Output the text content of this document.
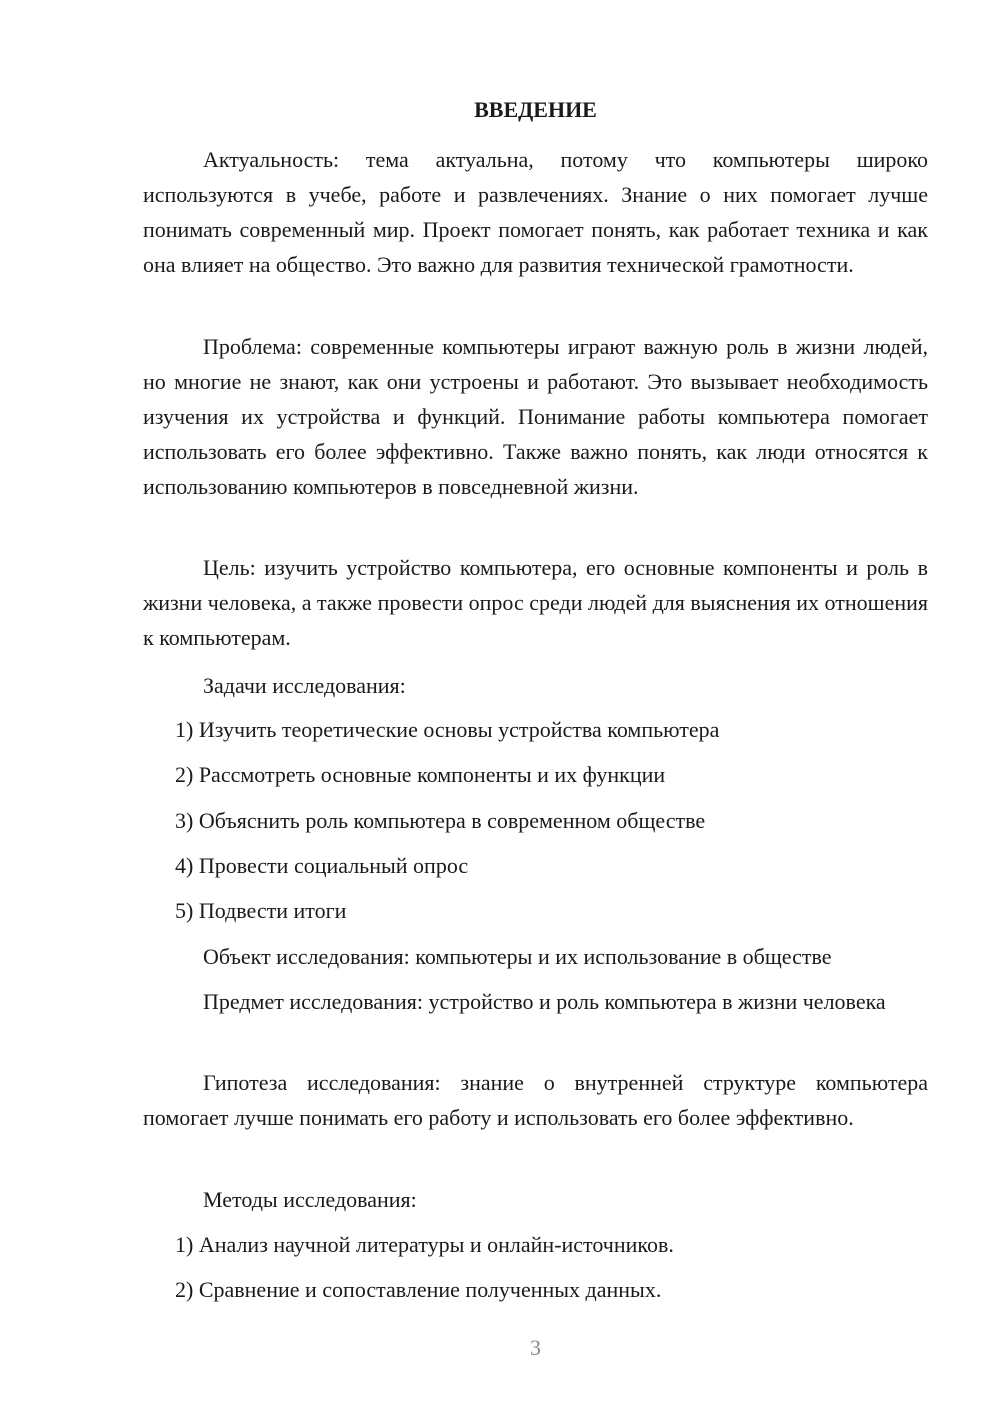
ВВЕДЕНИЕ

Актуальность: тема актуальна, потому что компьютеры широко используются в учебе, работе и развлечениях. Знание о них помогает лучше понимать современный мир. Проект помогает понять, как работает техника и как она влияет на общество. Это важно для развития технической грамотности.

Проблема: современные компьютеры играют важную роль в жизни людей, но многие не знают, как они устроены и работают. Это вызывает необходимость изучения их устройства и функций. Понимание работы компьютера помогает использовать его более эффективно. Также важно понять, как люди относятся к использованию компьютеров в повседневной жизни.

Цель: изучить устройство компьютера, его основные компоненты и роль в жизни человека, а также провести опрос среди людей для выяснения их отношения к компьютерам.

Задачи исследования:

1) Изучить теоретические основы устройства компьютера

2) Рассмотреть основные компоненты и их функции

3) Объяснить роль компьютера в современном обществе

4) Провести социальный опрос

5) Подвести итоги

Объект исследования: компьютеры и их использование в обществе

Предмет исследования: устройство и роль компьютера в жизни человека

Гипотеза исследования: знание о внутренней структуре компьютера помогает лучше понимать его работу и использовать его более эффективно.

Методы исследования:

1) Анализ научной литературы и онлайн-источников.

2) Сравнение и сопоставление полученных данных.

3
